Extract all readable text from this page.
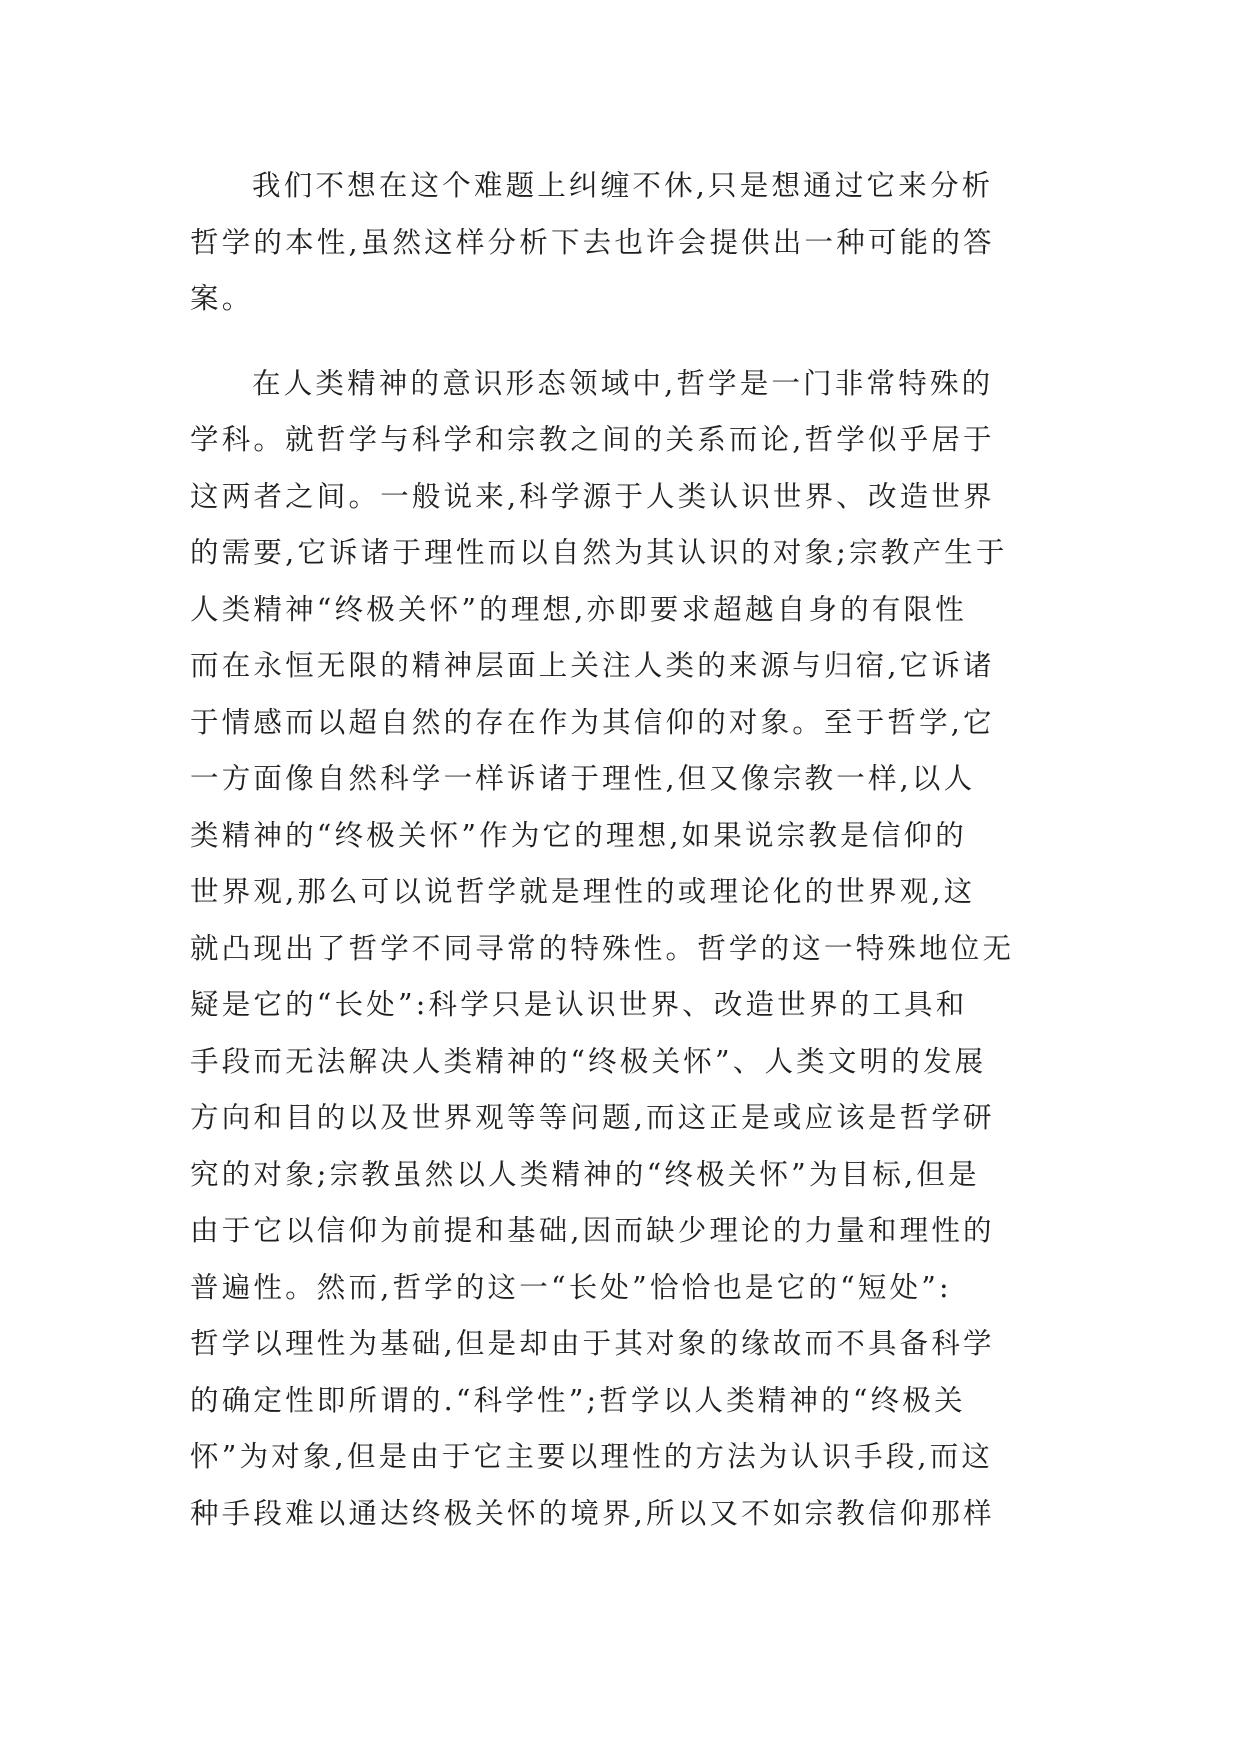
我们不想在这个难题上纠缠不休,只是想通过它来分析
哲学的本性,虽然这样分析下去也许会提供出一种可能的答
案。
在人类精神的意识形态领域中,哲学是一门非常特殊的
学科。就哲学与科学和宗教之间的关系而论,哲学似乎居于
这两者之间。一般说来,科学源于人类认识世界、改造世界
的需要,它诉诸于理性而以自然为其认识的对象;宗教产生于
人类精神“终极关怀”的理想,亦即要求超越自身的有限性
而在永恒无限的精神层面上关注人类的来源与归宿,它诉诸
于情感而以超自然的存在作为其信仰的对象。至于哲学,它
一方面像自然科学一样诉诸于理性,但又像宗教一样,以人
类精神的“终极关怀”作为它的理想,如果说宗教是信仰的
世界观,那么可以说哲学就是理性的或理论化的世界观,这
就凸现出了哲学不同寻常的特殊性。哲学的这一特殊地位无
疑是它的“长处”:科学只是认识世界、改造世界的工具和
手段而无法解决人类精神的“终极关怀”、人类文明的发展
方向和目的以及世界观等等问题,而这正是或应该是哲学研
究的对象;宗教虽然以人类精神的“终极关怀”为目标,但是
由于它以信仰为前提和基础,因而缺少理论的力量和理性的
普遍性。然而,哲学的这一“长处”恰恰也是它的“短处”:
哲学以理性为基础,但是却由于其对象的缘故而不具备科学
的确定性即所谓的.“科学性”;哲学以人类精神的“终极关
怀”为对象,但是由于它主要以理性的方法为认识手段,而这
种手段难以通达终极关怀的境界,所以又不如宗教信仰那样
